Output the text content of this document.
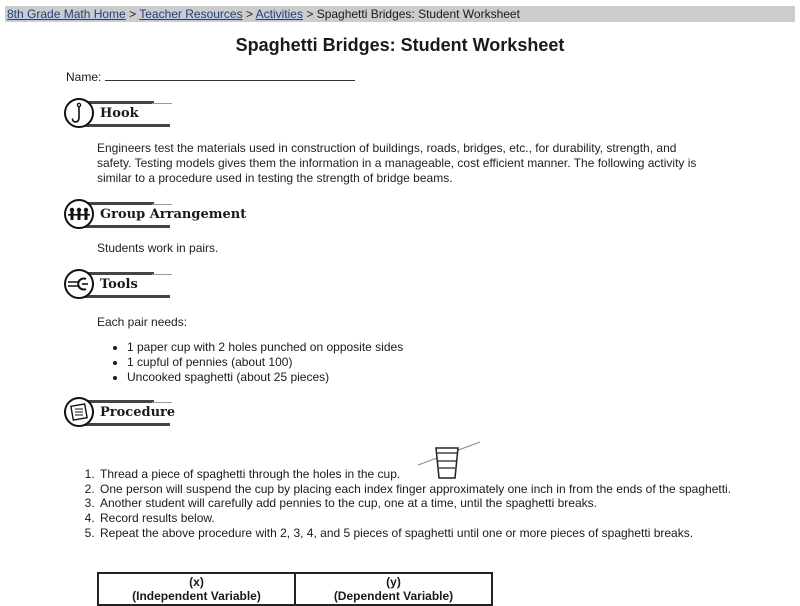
8th Grade Math Home > Teacher Resources > Activities > Spaghetti Bridges: Student Worksheet
Spaghetti Bridges: Student Worksheet
Name:
Hook
Engineers test the materials used in construction of buildings, roads, bridges, etc., for durability, strength, and safety. Testing models gives them the information in a manageable, cost efficient manner. The following activity is similar to a procedure used in testing the strength of bridge beams.
Group Arrangement
Students work in pairs.
Tools
Each pair needs:
• 1 paper cup with 2 holes punched on opposite sides
• 1 cupful of pennies (about 100)
• Uncooked spaghetti (about 25 pieces)
Procedure
1. Thread a piece of spaghetti through the holes in the cup.
2. One person will suspend the cup by placing each index finger approximately one inch in from the ends of the spaghetti.
3. Another student will carefully add pennies to the cup, one at a time, until the spaghetti breaks.
4. Record results below.
5. Repeat the above procedure with 2, 3, 4, and 5 pieces of spaghetti until one or more pieces of spaghetti breaks.
(x)
(Independent Variable)

(y)
(Dependent Variable)
